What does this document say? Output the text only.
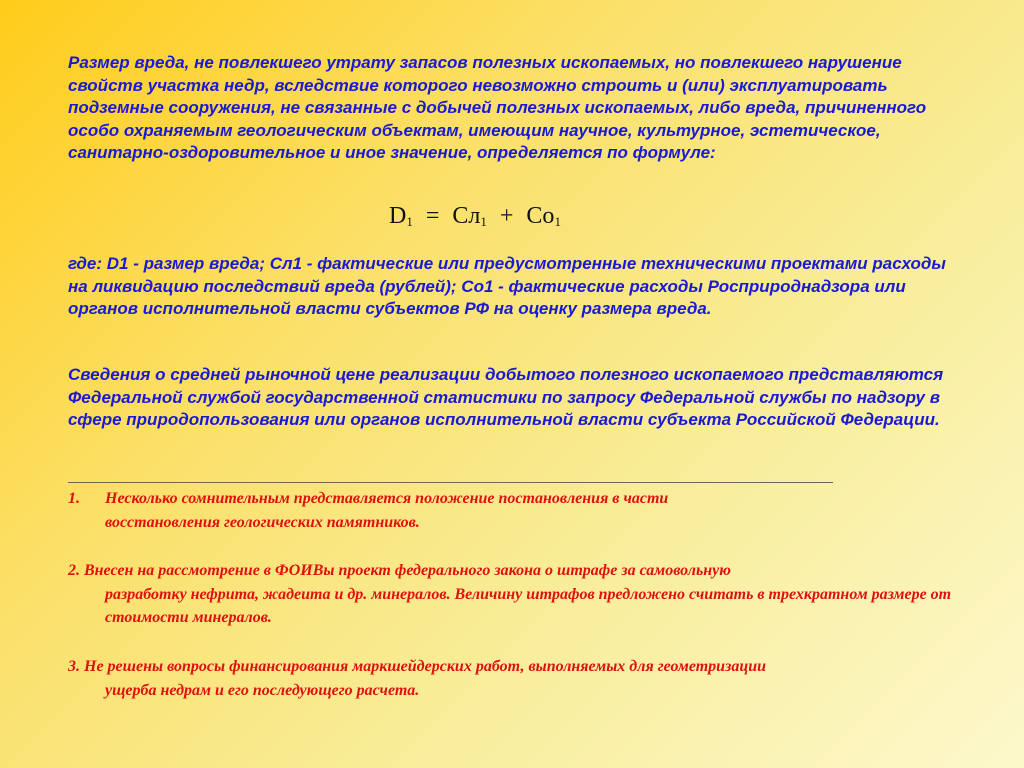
Размер вреда, не повлекшего утрату запасов полезных ископаемых, но повлекшего нарушение свойств участка недр, вследствие которого невозможно строить и (или) эксплуатировать подземные сооружения, не связанные с добычей полезных ископаемых, либо вреда, причиненного особо охраняемым геологическим объектам, имеющим научное, культурное, эстетическое, санитарно-оздоровительное и иное значение, определяется по формуле:

$D_1 = Сл_1 + Со_1$

где: D1 - размер вреда; Сл1 - фактические или предусмотренные техническими проектами расходы на ликвидацию последствий вреда (рублей); Со1 - фактические расходы Росприроднадзора или органов исполнительной власти субъектов РФ на оценку размера вреда.

Сведения о средней рыночной цене реализации добытого полезного ископаемого представляются Федеральной службой государственной статистики по запросу Федеральной службы по надзору в сфере природопользования или органов исполнительной власти субъекта Российской Федерации.

1.	Несколько сомнительным представляется положение постановления в части
восстановления геологических памятников.
2. Внесен на рассмотрение в ФОИВы проект федерального закона о штрафе за самовольную
разработку нефрита, жадеита и др. минералов. Величину штрафов предложено считать в трехкратном размере от стоимости минералов.
3. Не решены вопросы финансирования маркшейдерских работ, выполняемых для геометризации
ущерба недрам и его последующего расчета.
